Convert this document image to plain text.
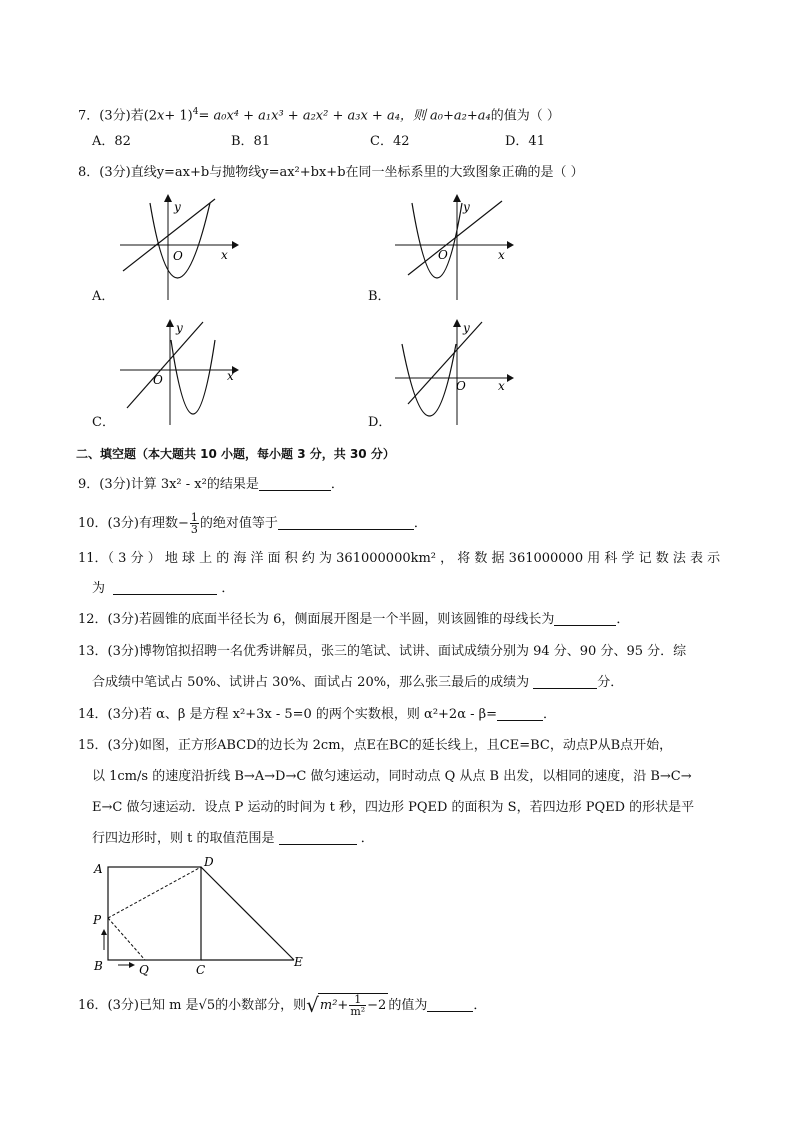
7．(3分)若$(2x+ 1)^4= a_0x^4 + a_1x^3 + a_2x^2 + a_3x + a_4$，则 a₀+a₂+a₄的值为（ ）
A．82	B．81	C．42	D．41
8．(3分)直线y=ax+b与抛物线y=ax²+bx+b在同一坐标系里的大致图象正确的是（ ）
A．
y
x
O
B．
y
x
O
C．
y
x
O
D．
y
x
O
二、填空题（本大题共 10 小题，每小题 3 分，共 30 分）
9．(3分)计算 3x² - x²的结果是	．
10．(3分)有理数− $\frac{1}{3}$ 的绝对值等于	．
11．（ 3 分 ） 地 球 上 的 海 洋 面 积 约 为 361000000km² ， 将 数 据 361000000 用 科 学 记 数 法 表 示
为	．
12．(3分)若圆锥的底面半径长为 6，侧面展开图是一个半圆，则该圆锥的母线长为	．
13．(3分)博物馆拟招聘一名优秀讲解员，张三的笔试、试讲、面试成绩分别为 94 分、90 分、95 分．综
合成绩中笔试占 50%、试讲占 30%、面试占 20%，那么张三最后的成绩为	分．
14．(3分)若 α、β 是方程 x²+3x - 5=0 的两个实数根，则 α²+2α - β=	．
15．(3分)如图，正方形ABCD的边长为 2cm，点E在BC的延长线上，且CE=BC，动点P从B点开始，
以 1cm/s 的速度沿折线 B→A→D→C 做匀速运动，同时动点 Q 从点 B 出发，以相同的速度，沿 B→C→
E→C 做匀速运动．设点 P 运动的时间为 t 秒，四边形 PQED 的面积为 S，若四边形 PQED 的形状是平
行四边形时，则 t 的取值范围是	．
A
B	C
D
E
P
Q
16．(3分)已知 m 是√5的小数部分，则$√m^2+ \frac{1}{\text{m²}} -2$ 的值为	．
